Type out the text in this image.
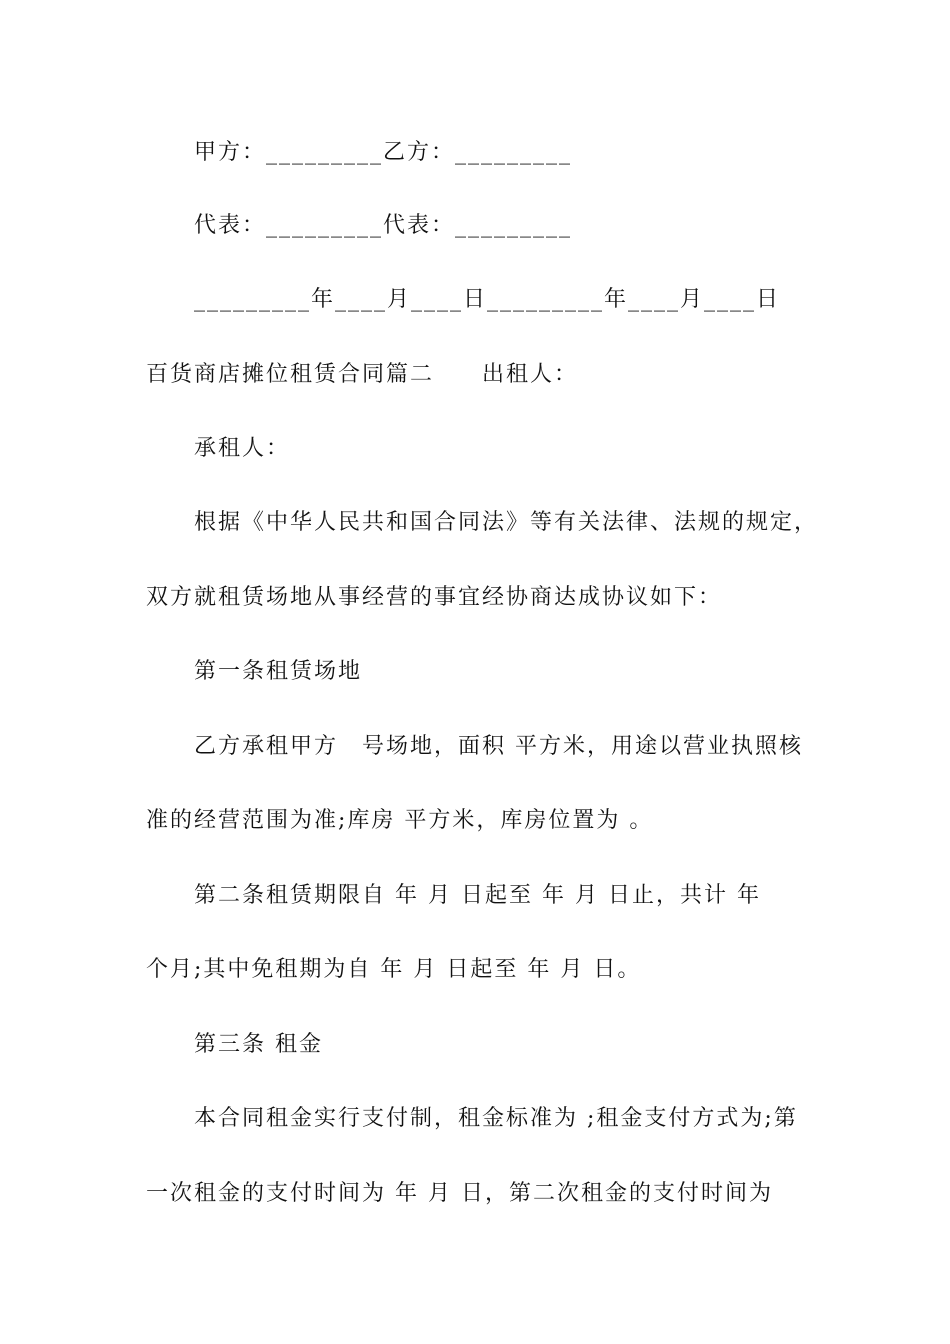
甲方：_________乙方：_________
代表：_________代表：_________
_________年____月____日_________年____月____日
百货商店摊位租赁合同篇二　　出租人：
承租人：
根据《中华人民共和国合同法》等有关法律、法规的规定，
双方就租赁场地从事经营的事宜经协商达成协议如下：
第一条租赁场地
乙方承租甲方　号场地，面积 平方米，用途以营业执照核
准的经营范围为准;库房 平方米，库房位置为 。
第二条租赁期限自 年 月 日起至 年 月 日止，共计 年
个月;其中免租期为自 年 月 日起至 年 月 日。
第三条 租金
本合同租金实行支付制，租金标准为 ;租金支付方式为;第
一次租金的支付时间为 年 月 日，第二次租金的支付时间为
